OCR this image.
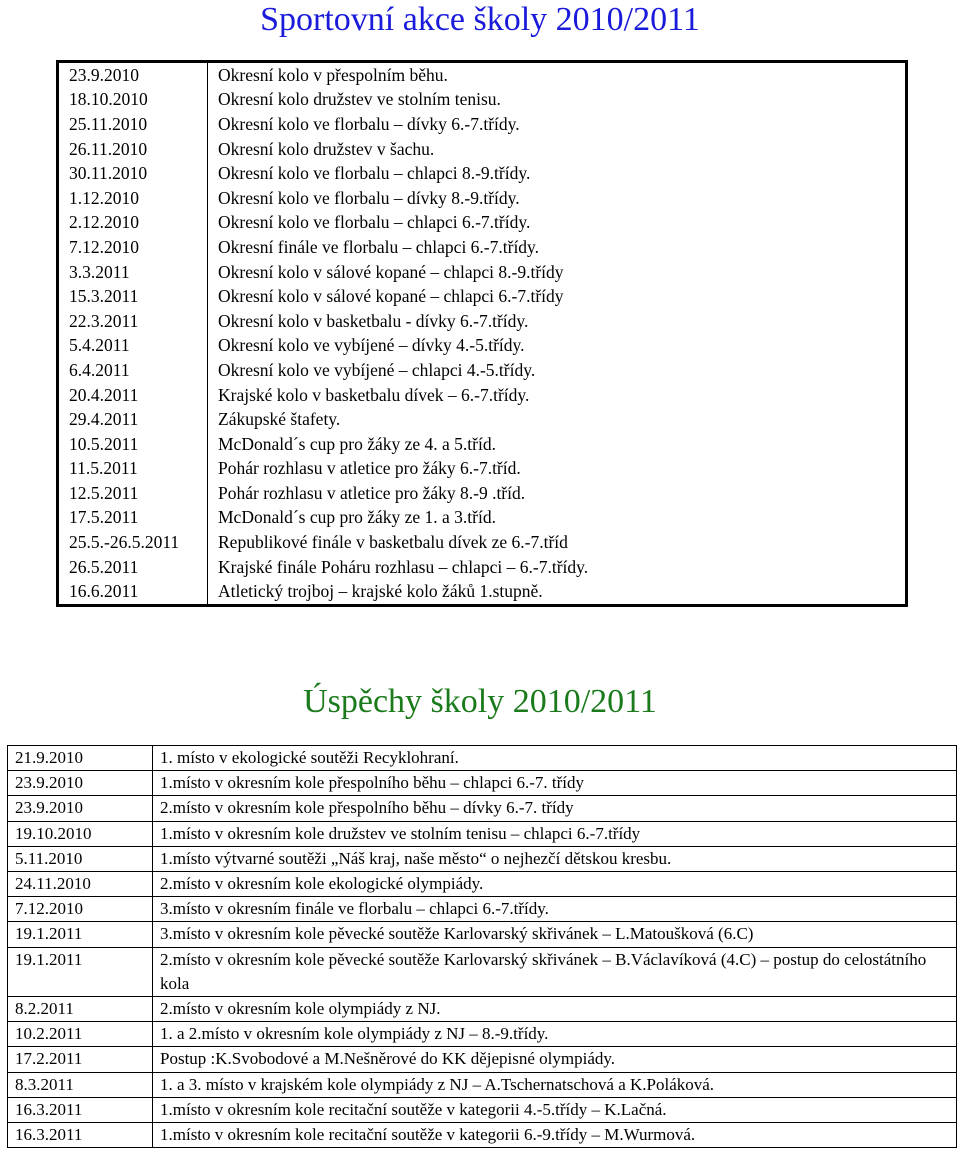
Sportovní akce školy 2010/2011
23.9.2010	Okresní kolo v přespolním běhu.
18.10.2010	Okresní kolo družstev ve stolním tenisu.
25.11.2010	Okresní kolo ve florbalu – dívky 6.-7.třídy.
26.11.2010	Okresní kolo družstev v šachu.
30.11.2010	Okresní kolo ve florbalu – chlapci 8.-9.třídy.
1.12.2010	Okresní kolo ve florbalu – dívky 8.-9.třídy.
2.12.2010	Okresní kolo ve florbalu – chlapci 6.-7.třídy.
7.12.2010	Okresní finále ve florbalu – chlapci 6.-7.třídy.
3.3.2011	Okresní kolo v sálové kopané – chlapci 8.-9.třídy
15.3.2011	Okresní kolo v sálové kopané – chlapci 6.-7.třídy
22.3.2011	Okresní kolo v basketbalu - dívky 6.-7.třídy.
5.4.2011	Okresní kolo ve vybíjené – dívky 4.-5.třídy.
6.4.2011	Okresní kolo ve vybíjené – chlapci 4.-5.třídy.
20.4.2011	Krajské kolo v basketbalu dívek – 6.-7.třídy.
29.4.2011	Zákupské štafety.
10.5.2011	McDonald´s cup pro žáky ze 4. a 5.tříd.
11.5.2011	Pohár rozhlasu v atletice pro žáky 6.-7.tříd.
12.5.2011	Pohár rozhlasu v atletice pro žáky 8.-9 .tříd.
17.5.2011	McDonald´s cup pro žáky ze 1. a 3.tříd.
25.5.-26.5.2011	Republikové finále v basketbalu dívek ze 6.-7.tříd
26.5.2011	Krajské finále Poháru rozhlasu – chlapci – 6.-7.třídy.
16.6.2011	Atletický trojboj – krajské kolo žáků 1.stupně.
Úspěchy školy 2010/2011
21.9.2010	1. místo v ekologické soutěži Recyklohraní.
23.9.2010	1.místo v okresním kole přespolního běhu – chlapci 6.-7. třídy
23.9.2010	2.místo v okresním kole přespolního běhu – dívky 6.-7. třídy
19.10.2010	1.místo v okresním kole družstev ve stolním tenisu – chlapci 6.-7.třídy
5.11.2010	1.místo výtvarné soutěži „Náš kraj, naše město“ o nejhezčí dětskou kresbu.
24.11.2010	2.místo v okresním kole ekologické olympiády.
7.12.2010	3.místo v okresním finále ve florbalu – chlapci 6.-7.třídy.
19.1.2011	3.místo v okresním kole pěvecké soutěže Karlovarský skřivánek – L.Matoušková (6.C)
19.1.2011	2.místo v okresním kole pěvecké soutěže Karlovarský skřivánek – B.Václavíková (4.C) – postup do celostátního kola
8.2.2011	2.místo v okresním kole olympiády z NJ.
10.2.2011	1. a 2.místo v okresním kole olympiády z NJ – 8.-9.třídy.
17.2.2011	Postup :K.Svobodové a M.Nešněrové do KK dějepisné olympiády.
8.3.2011	1. a 3. místo v krajském kole olympiády z NJ – A.Tschernatschová a K.Poláková.
16.3.2011	1.místo v okresním kole recitační soutěže v kategorii 4.-5.třídy – K.Lačná.
16.3.2011	1.místo v okresním kole recitační soutěže v kategorii 6.-9.třídy – M.Wurmová.
